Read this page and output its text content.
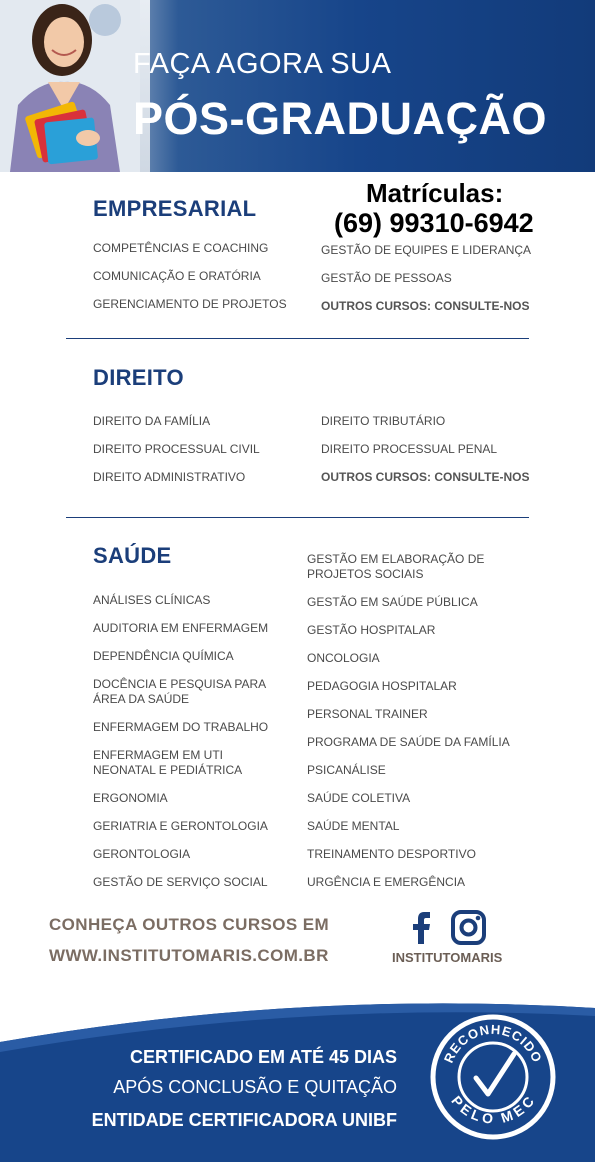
FAÇA AGORA SUA
PÓS-GRADUAÇÃO
Matrículas:
(69) 99310-6942
EMPRESARIAL
COMPETÊNCIAS E COACHING
COMUNICAÇÃO E ORATÓRIA
GERENCIAMENTO DE PROJETOS
GESTÃO DE EQUIPES E LIDERANÇA
GESTÃO DE PESSOAS
OUTROS CURSOS: CONSULTE-NOS
DIREITO
DIREITO DA FAMÍLIA
DIREITO PROCESSUAL CIVIL
DIREITO ADMINISTRATIVO
DIREITO TRIBUTÁRIO
DIREITO PROCESSUAL PENAL
OUTROS CURSOS: CONSULTE-NOS
SAÚDE
ANÁLISES CLÍNICAS
AUDITORIA EM ENFERMAGEM
DEPENDÊNCIA QUÍMICA
DOCÊNCIA E PESQUISA PARA ÁREA DA SAÚDE
ENFERMAGEM DO TRABALHO
ENFERMAGEM EM UTI NEONATAL E PEDIÁTRICA
ERGONOMIA
GERIATRIA E GERONTOLOGIA
GERONTOLOGIA
GESTÃO DE SERVIÇO SOCIAL
GESTÃO EM ELABORAÇÃO DE PROJETOS SOCIAIS
GESTÃO EM SAÚDE PÚBLICA
GESTÃO HOSPITALAR
ONCOLOGIA
PEDAGOGIA HOSPITALAR
PERSONAL TRAINER
PROGRAMA DE SAÚDE DA FAMÍLIA
PSICANÁLISE
SAÚDE COLETIVA
SAÚDE MENTAL
TREINAMENTO DESPORTIVO
URGÊNCIA E EMERGÊNCIA
CONHEÇA OUTROS CURSOS EM
WWW.INSTITUTOMARIS.COM.BR	INSTITUTOMARIS
CERTIFICADO EM ATÉ 45 DIAS
APÓS CONCLUSÃO E QUITAÇÃO
ENTIDADE CERTIFICADORA UNIBF
RECONHECIDO
PELO MEC
